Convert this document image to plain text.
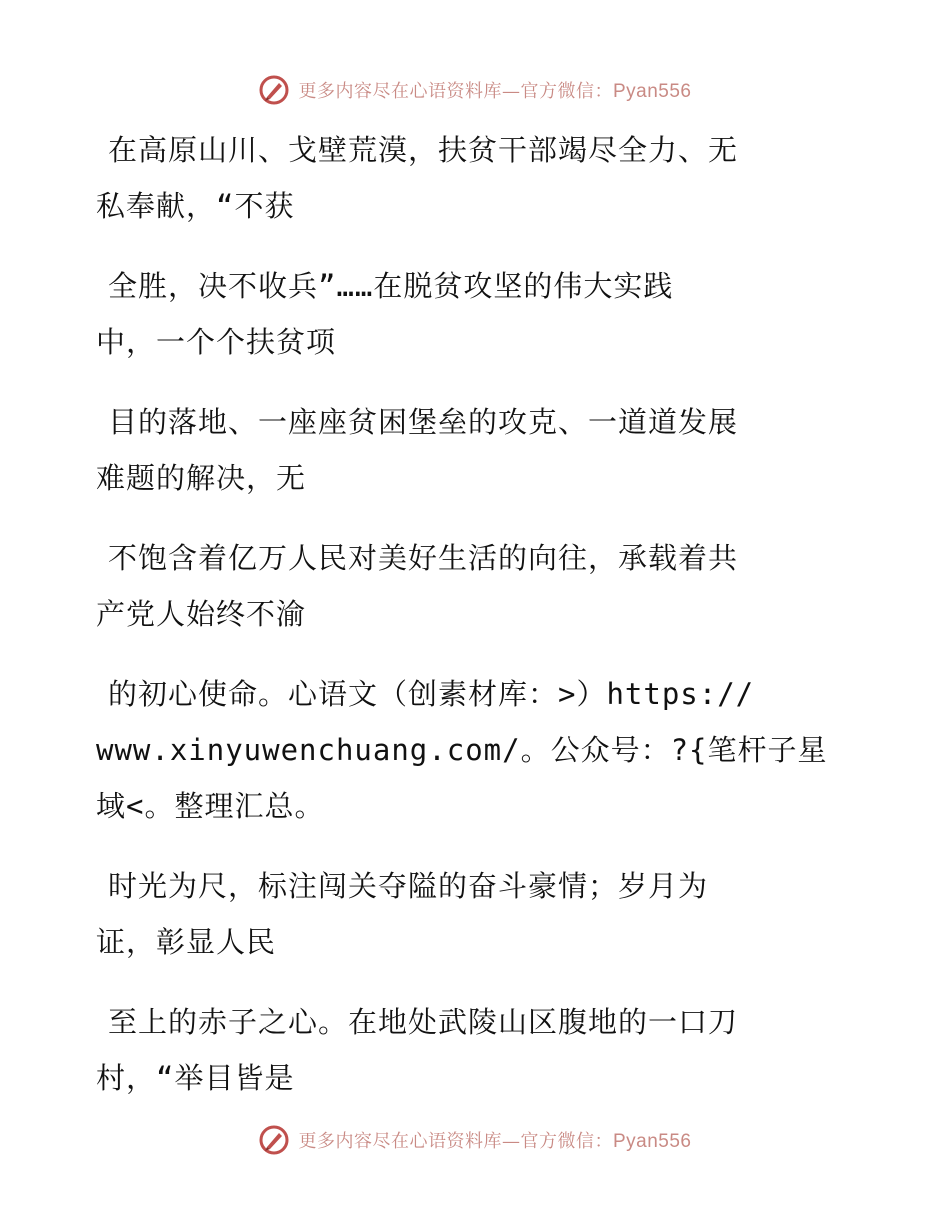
更多内容尽在心语资料库—官方微信：Pyan556

在高原山川、戈壁荒漠，扶贫干部竭尽全力、无
私奉献，“不获

全胜，决不收兵”……在脱贫攻坚的伟大实践
中，一个个扶贫项

目的落地、一座座贫困堡垒的攻克、一道道发展
难题的解决，无

不饱含着亿万人民对美好生活的向往，承载着共
产党人始终不渝

的初心使命。心语文（创素材库：>）https://
www.xinyuwenchuang.com/。公众号：?{笔杆子星
域<。整理汇总。

时光为尺，标注闯关夺隘的奋斗豪情；岁月为
证，彰显人民

至上的赤子之心。在地处武陵山区腹地的一口刀
村，“举目皆是

更多内容尽在心语资料库—官方微信：Pyan556
